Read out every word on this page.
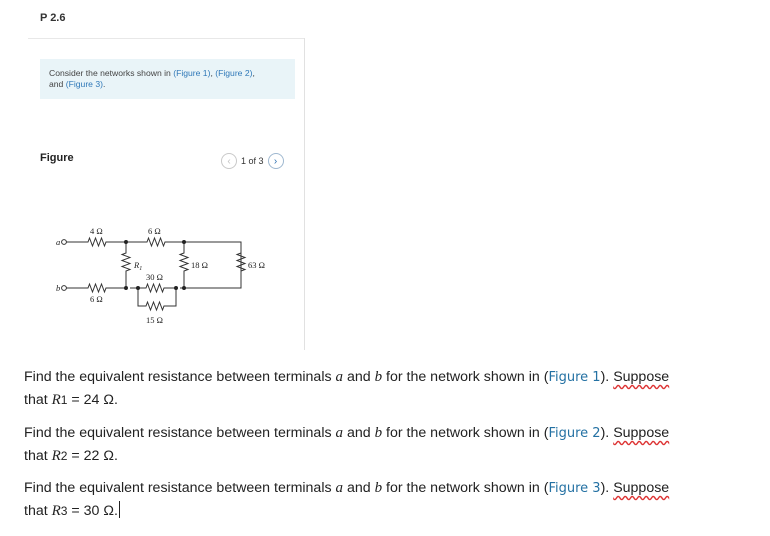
P 2.6
Consider the networks shown in (Figure 1), (Figure 2),
and (Figure 3).
Figure	‹	1 of 3	›
a
b
4 Ω	6 Ω
6 Ω
$R_1$
30 Ω
15 Ω
18 Ω	63 Ω
Find the equivalent resistance between terminals a and b for the network shown in (Figure 1). Suppose
that R1 = 24 Ω.
Find the equivalent resistance between terminals a and b for the network shown in (Figure 2). Suppose
that R2 = 22 Ω.
Find the equivalent resistance between terminals a and b for the network shown in (Figure 3). Suppose
that R3 = 30 Ω.
